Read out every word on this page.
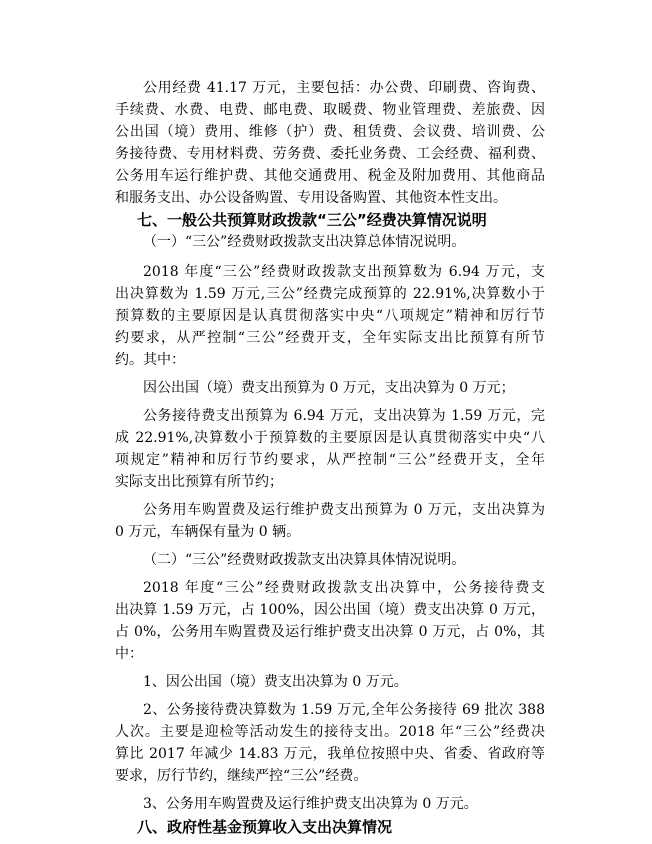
公用经费 41.17 万元，主要包括：办公费、印刷费、咨询费、
手续费、水费、电费、邮电费、取暖费、物业管理费、差旅费、因
公出国（境）费用、维修（护）费、租赁费、会议费、培训费、公
务接待费、专用材料费、劳务费、委托业务费、工会经费、福利费、
公务用车运行维护费、其他交通费用、税金及附加费用、其他商品
和服务支出、办公设备购置、专用设备购置、其他资本性支出。
七、一般公共预算财政拨款“三公”经费决算情况说明
（一）“三公”经费财政拨款支出决算总体情况说明。
2018 年度“三公”经费财政拨款支出预算数为 6.94 万元，支
出决算数为 1.59 万元,三公”经费完成预算的 22.91%,决算数小于
预算数的主要原因是认真贯彻落实中央“八项规定”精神和厉行节
约要求，从严控制“三公”经费开支，全年实际支出比预算有所节
约。其中：
因公出国（境）费支出预算为 0 万元，支出决算为 0 万元；
公务接待费支出预算为 6.94 万元，支出决算为 1.59 万元，完
成 22.91%,决算数小于预算数的主要原因是认真贯彻落实中央“八
项规定”精神和厉行节约要求，从严控制“三公”经费开支，全年
实际支出比预算有所节约；
公务用车购置费及运行维护费支出预算为 0 万元，支出决算为
0 万元，车辆保有量为 0 辆。
（二）“三公”经费财政拨款支出决算具体情况说明。
2018 年度“三公”经费财政拨款支出决算中，公务接待费支
出决算 1.59 万元，占 100%，因公出国（境）费支出决算 0 万元，
占 0%，公务用车购置费及运行维护费支出决算 0 万元，占 0%，其
中：
1、因公出国（境）费支出决算为 0 万元。
2、公务接待费决算数为 1.59 万元,全年公务接待 69 批次 388
人次。主要是迎检等活动发生的接待支出。2018 年“三公”经费决
算比 2017 年减少 14.83 万元，我单位按照中央、省委、省政府等
要求，厉行节约，继续严控“三公”经费。
3、公务用车购置费及运行维护费支出决算为 0 万元。
八、政府性基金预算收入支出决算情况
